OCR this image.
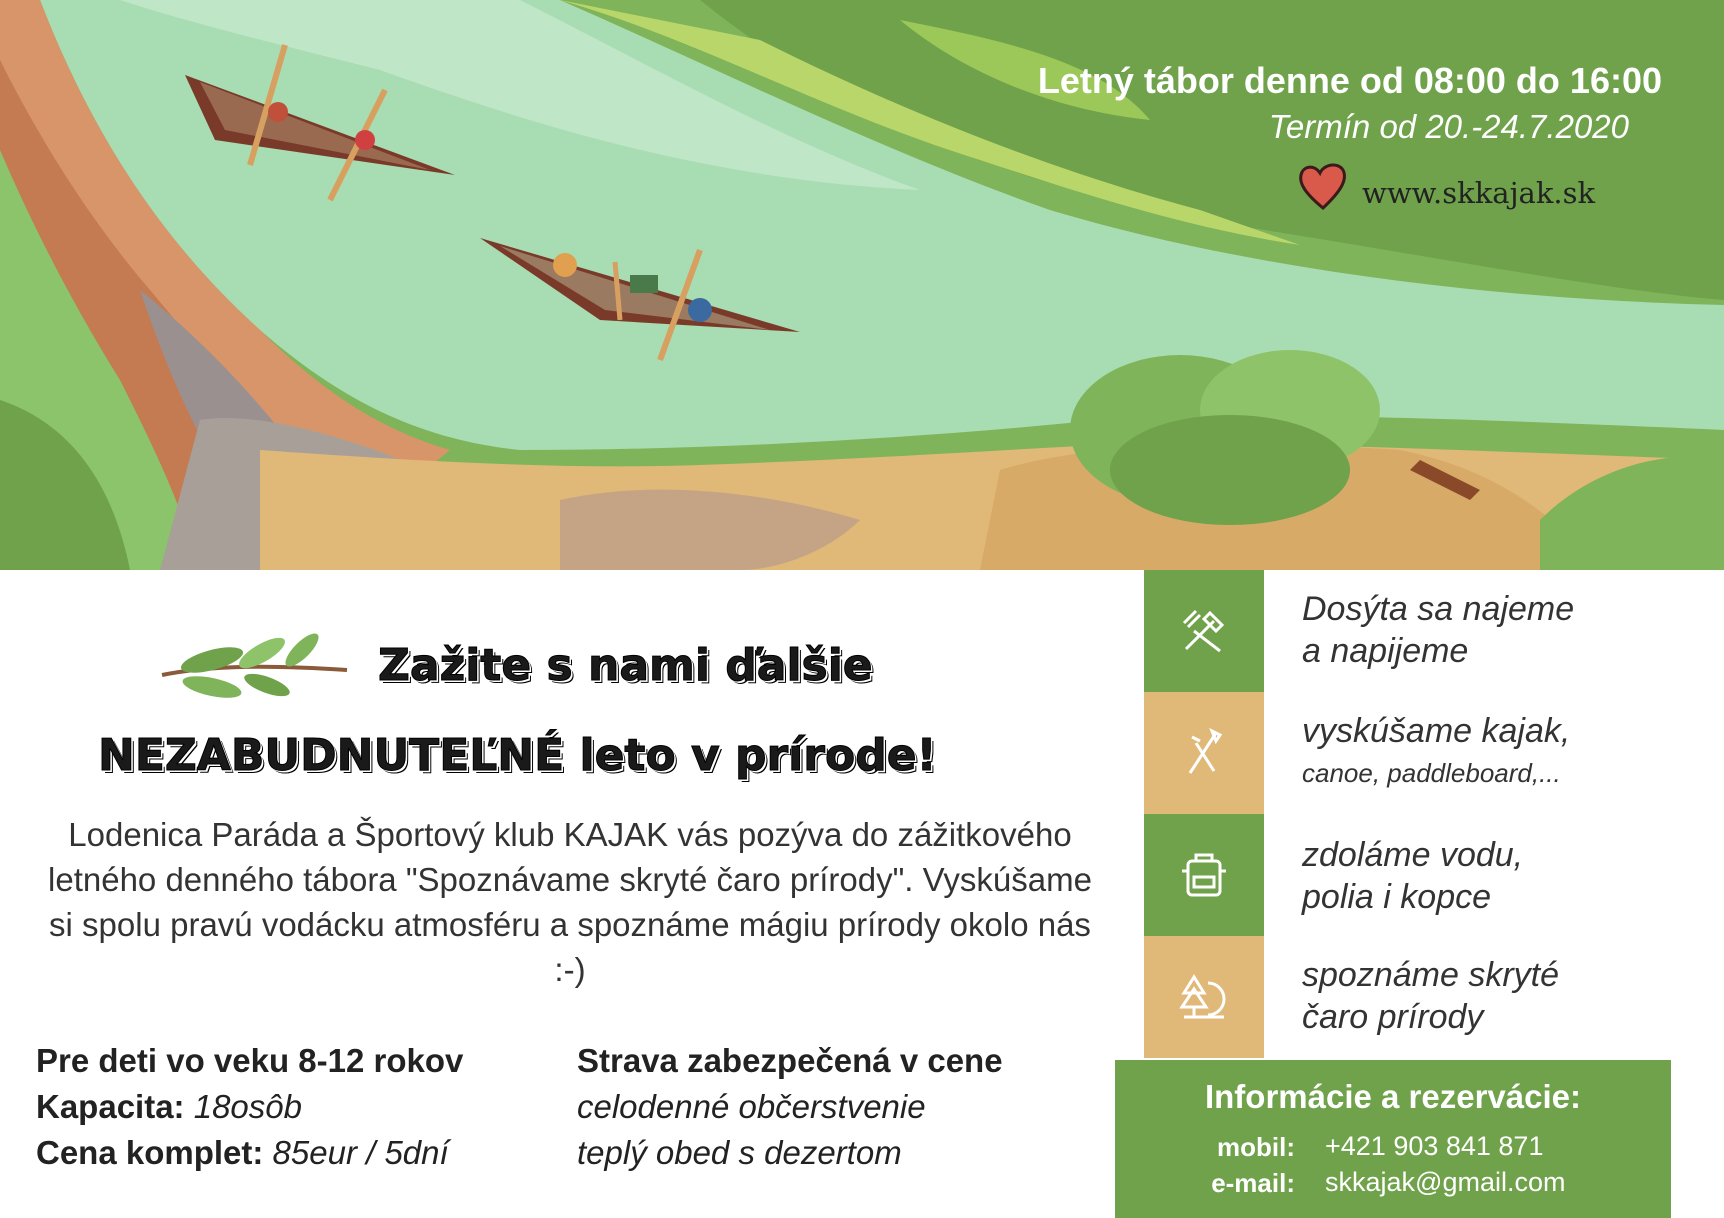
Letný tábor denne od 08:00 do 16:00
Termín od 20.-24.7.2020
www.skkajak.sk
Zažite s nami ďalšie
NEZABUDNUTEĽNÉ leto v prírode!
Lodenica Paráda a Športový klub KAJAK vás pozýva do zážitkového letného denného tábora "Spoznávame skryté čaro prírody". Vyskúšame si spolu pravú vodácku atmosféru a spoznáme mágiu prírody okolo nás :-)
Pre deti vo veku 8-12 rokov
Kapacita: 18osôb
Cena komplet: 85eur / 5dní
Strava zabezpečená v cene
celodenné občerstvenie
teplý obed s dezertom
Dosýta sa najeme
a napijeme
vyskúšame kajak,
canoe, paddleboard,...
zdoláme vodu,
polia i kopce
spoznáme skryté
čaro prírody
Informácie a rezervácie:
mobil: +421 903 841 871
e-mail: skkajak@gmail.com
